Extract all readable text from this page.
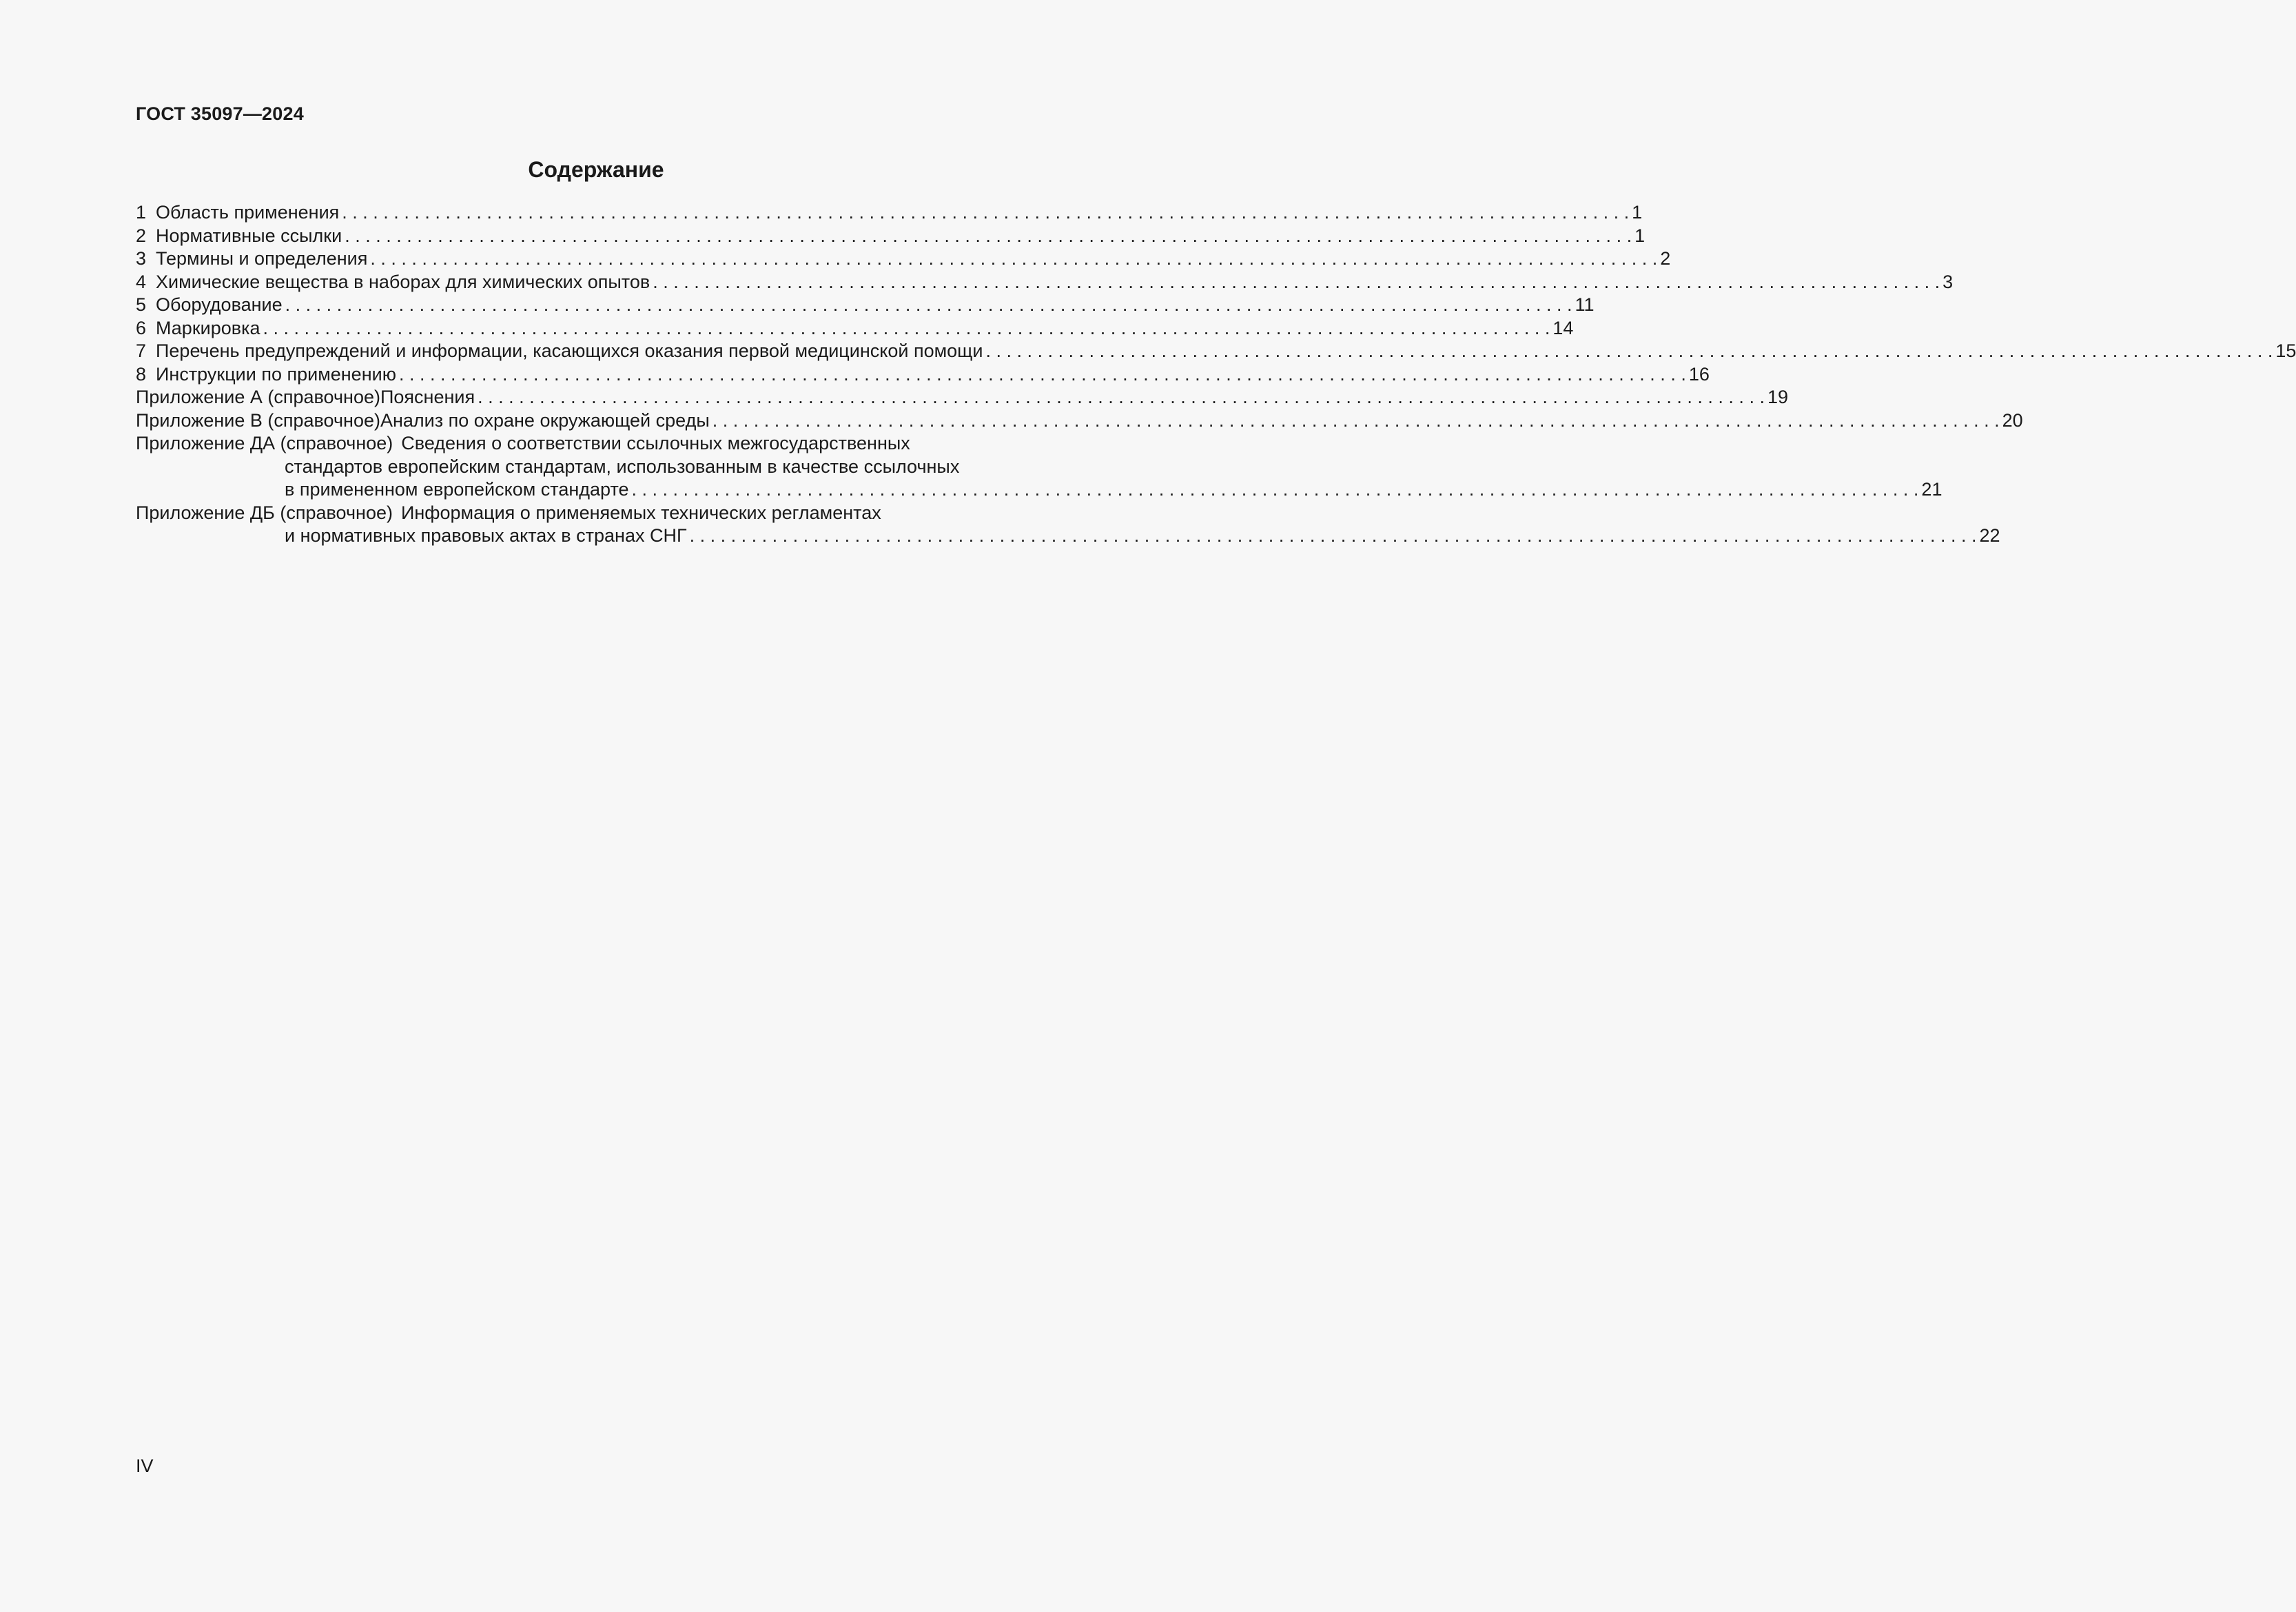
ГОСТ 35097—2024
Содержание
1 Область применения . . .	1
2 Нормативные ссылки . . .	1
3 Термины и определения . . .	2
4 Химические вещества в наборах для химических опытов . . .	3
5 Оборудование . . .	11
6 Маркировка . . .	14
7 Перечень предупреждений и информации, касающихся оказания первой медицинской помощи . . .	15
8 Инструкции по применению . . .	16
Приложение А (справочное) Пояснения . . .	19
Приложение В (справочное) Анализ по охране окружающей среды . . .	20
Приложение ДА (справочное) Сведения о соответствии ссылочных межгосударственных
стандартов европейским стандартам, использованным в качестве ссылочных
в примененном европейском стандарте . . .	21
Приложение ДБ (справочное) Информация о применяемых технических регламентах
и нормативных правовых актах в странах СНГ . . .	22
IV
